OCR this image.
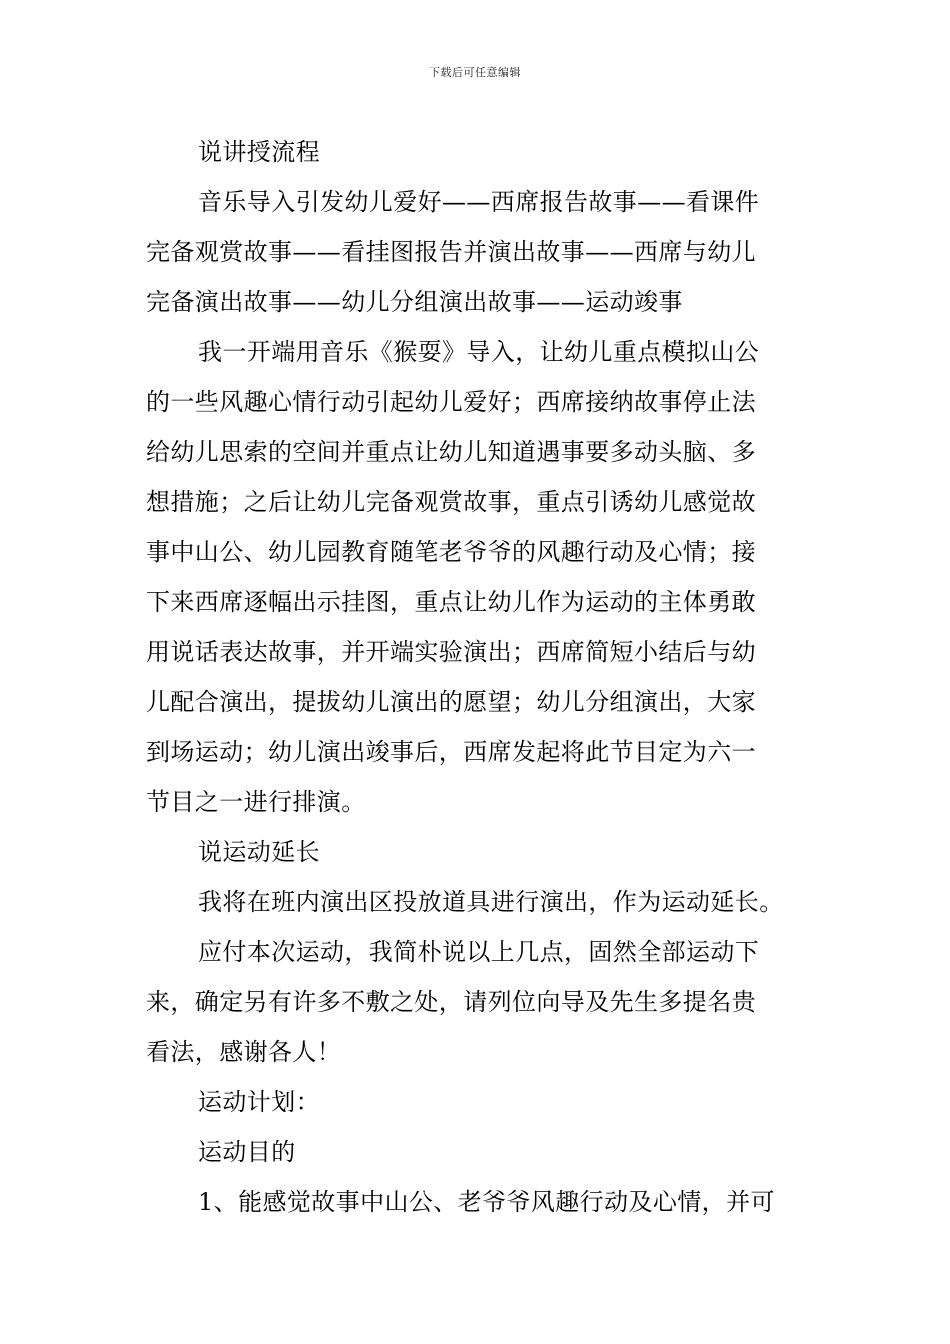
下载后可任意编辑
说讲授流程
音乐导入引发幼儿爱好——西席报告故事——看课件
完备观赏故事——看挂图报告并演出故事——西席与幼儿
完备演出故事——幼儿分组演出故事——运动竣事
我一开端用音乐《猴耍》导入，让幼儿重点模拟山公
的一些风趣心情行动引起幼儿爱好；西席接纳故事停止法
给幼儿思索的空间并重点让幼儿知道遇事要多动头脑、多
想措施；之后让幼儿完备观赏故事，重点引诱幼儿感觉故
事中山公、幼儿园教育随笔老爷爷的风趣行动及心情；接
下来西席逐幅出示挂图，重点让幼儿作为运动的主体勇敢
用说话表达故事，并开端实验演出；西席简短小结后与幼
儿配合演出，提拔幼儿演出的愿望；幼儿分组演出，大家
到场运动；幼儿演出竣事后，西席发起将此节目定为六一
节目之一进行排演。
说运动延长
我将在班内演出区投放道具进行演出，作为运动延长。
应付本次运动，我简朴说以上几点，固然全部运动下
来，确定另有许多不敷之处，请列位向导及先生多提名贵
看法，感谢各人！
运动计划：
运动目的
1、能感觉故事中山公、老爷爷风趣行动及心情，并可
